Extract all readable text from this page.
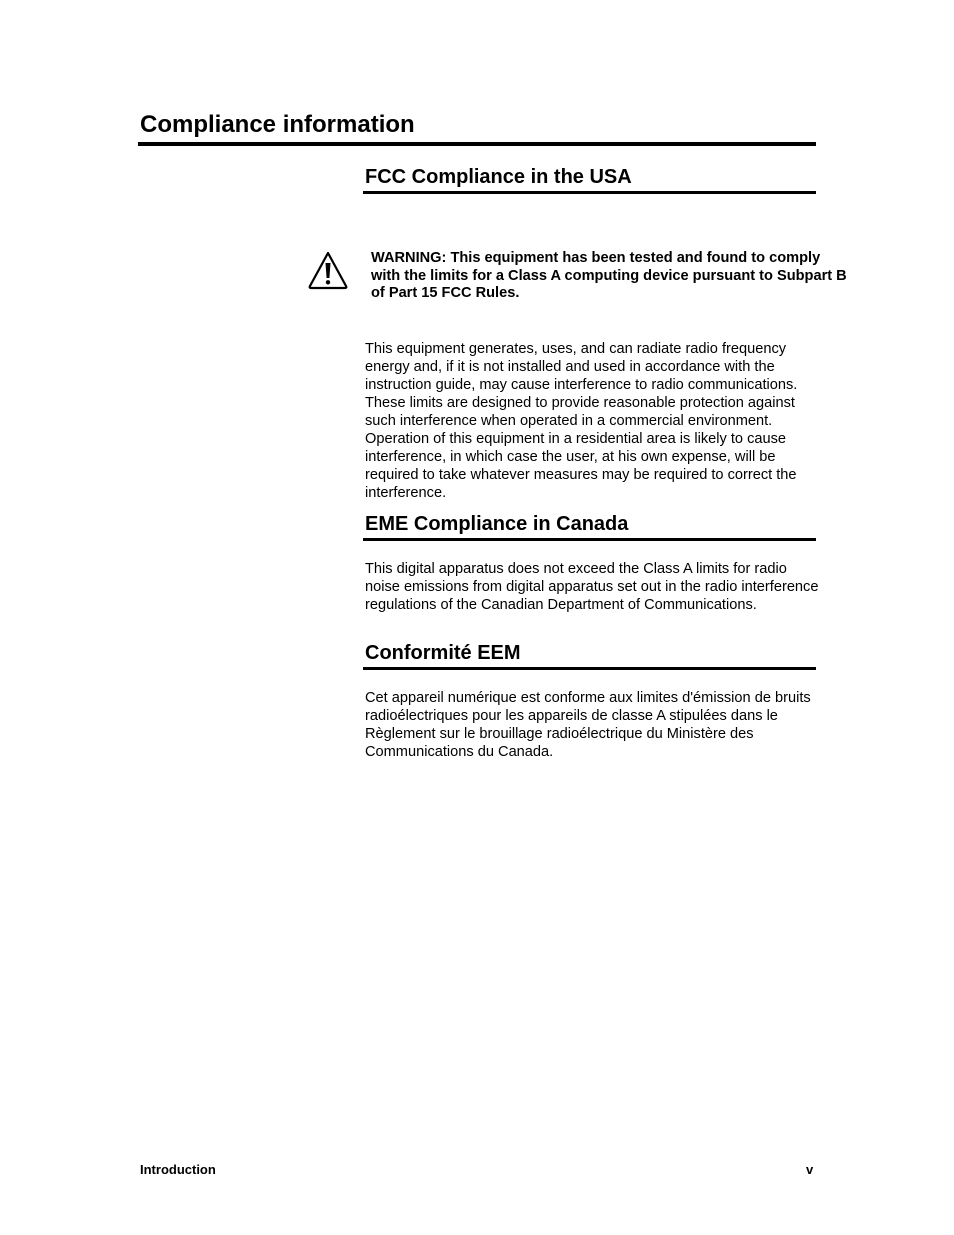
Compliance information
FCC Compliance in the USA

WARNING: This equipment has been tested and found to comply with the limits for a Class A computing device pursuant to Subpart B of Part 15 FCC Rules.

This equipment generates, uses, and can radiate radio frequency energy and, if it is not installed and used in accordance with the instruction guide, may cause interference to radio communications. These limits are designed to provide reasonable protection against such interference when operated in a commercial environment. Operation of this equipment in a residential area is likely to cause interference, in which case the user, at his own expense, will be required to take whatever measures may be required to correct the interference.

EME Compliance in Canada

This digital apparatus does not exceed the Class A limits for radio noise emissions from digital apparatus set out in the radio interference regulations of the Canadian Department of Communications.

Conformité EEM

Cet appareil numérique est conforme aux limites d'émission de bruits radioélectriques pour les appareils de classe A stipulées dans le Règlement sur le brouillage radioélectrique du Ministère des Communications du Canada.

Introduction	v
